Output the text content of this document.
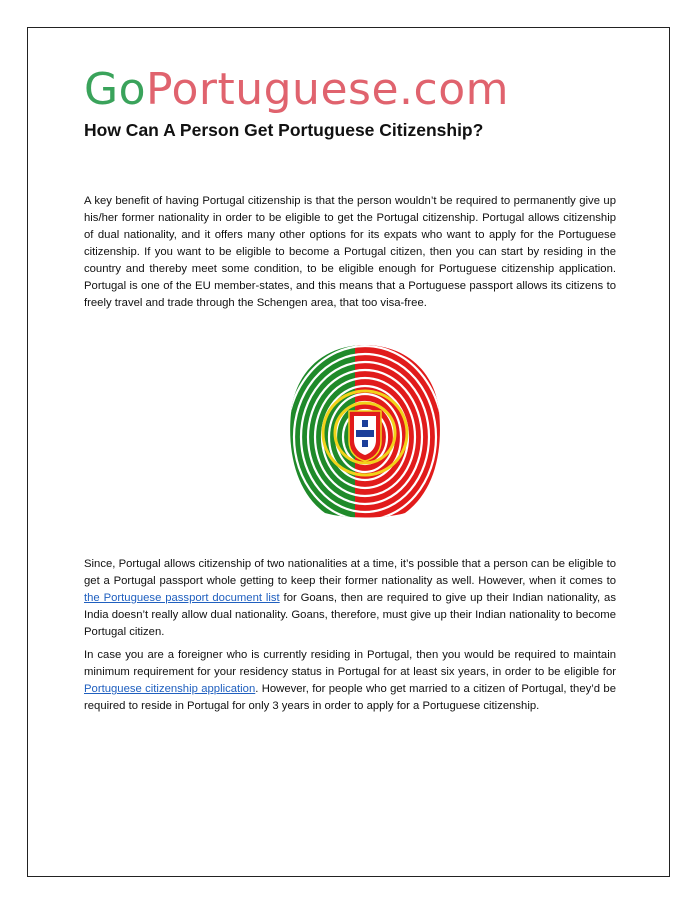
GoPortuguese.com
How Can A Person Get Portuguese Citizenship?

A key benefit of having Portugal citizenship is that the person wouldn’t be required to permanently give up his/her former nationality in order to be eligible to get the Portugal citizenship. Portugal allows citizenship of dual nationality, and it offers many other options for its expats who want to apply for the Portuguese citizenship. If you want to be eligible to become a Portugal citizen, then you can start by residing in the country and thereby meet some condition, to be eligible enough for Portuguese citizenship application. Portugal is one of the EU member-states, and this means that a Portuguese passport allows its citizens to freely travel and trade through the Schengen area, that too visa-free.

Since, Portugal allows citizenship of two nationalities at a time, it’s possible that a person can be eligible to get a Portugal passport whole getting to keep their former nationality as well. However, when it comes to the Portuguese passport document list for Goans, then are required to give up their Indian nationality, as India doesn’t really allow dual nationality. Goans, therefore, must give up their Indian nationality to become Portugal citizen.

In case you are a foreigner who is currently residing in Portugal, then you would be required to maintain minimum requirement for your residency status in Portugal for at least six years, in order to be eligible for Portuguese citizenship application. However, for people who get married to a citizen of Portugal, they’d be required to reside in Portugal for only 3 years in order to apply for a Portuguese citizenship.
